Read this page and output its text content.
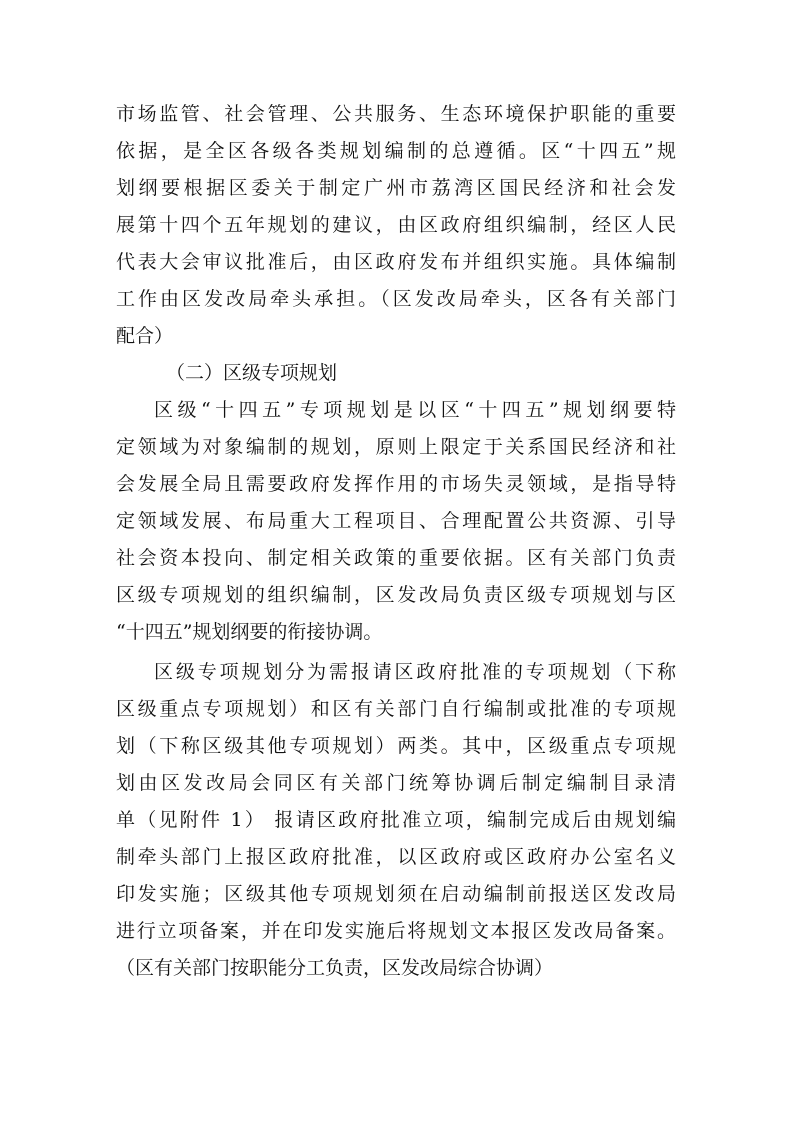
市场监管、社会管理、公共服务、生态环境保护职能的重要
依据，是全区各级各类规划编制的总遵循。区“十四五”规
划纲要根据区委关于制定广州市荔湾区国民经济和社会发
展第十四个五年规划的建议，由区政府组织编制，经区人民
代表大会审议批准后，由区政府发布并组织实施。具体编制
工作由区发改局牵头承担。（区发改局牵头，区各有关部门
配合）
（二）区级专项规划
区级“十四五”专项规划是以区“十四五”规划纲要特
定领域为对象编制的规划，原则上限定于关系国民经济和社
会发展全局且需要政府发挥作用的市场失灵领域，是指导特
定领域发展、布局重大工程项目、合理配置公共资源、引导
社会资本投向、制定相关政策的重要依据。区有关部门负责
区级专项规划的组织编制，区发改局负责区级专项规划与区
“十四五”规划纲要的衔接协调。
区级专项规划分为需报请区政府批准的专项规划（下称
区级重点专项规划）和区有关部门自行编制或批准的专项规
划（下称区级其他专项规划）两类。其中，区级重点专项规
划由区发改局会同区有关部门统筹协调后制定编制目录清
单（见附件 1） 报请区政府批准立项，编制完成后由规划编
制牵头部门上报区政府批准，以区政府或区政府办公室名义
印发实施；区级其他专项规划须在启动编制前报送区发改局
进行立项备案，并在印发实施后将规划文本报区发改局备案。
（区有关部门按职能分工负责，区发改局综合协调）
